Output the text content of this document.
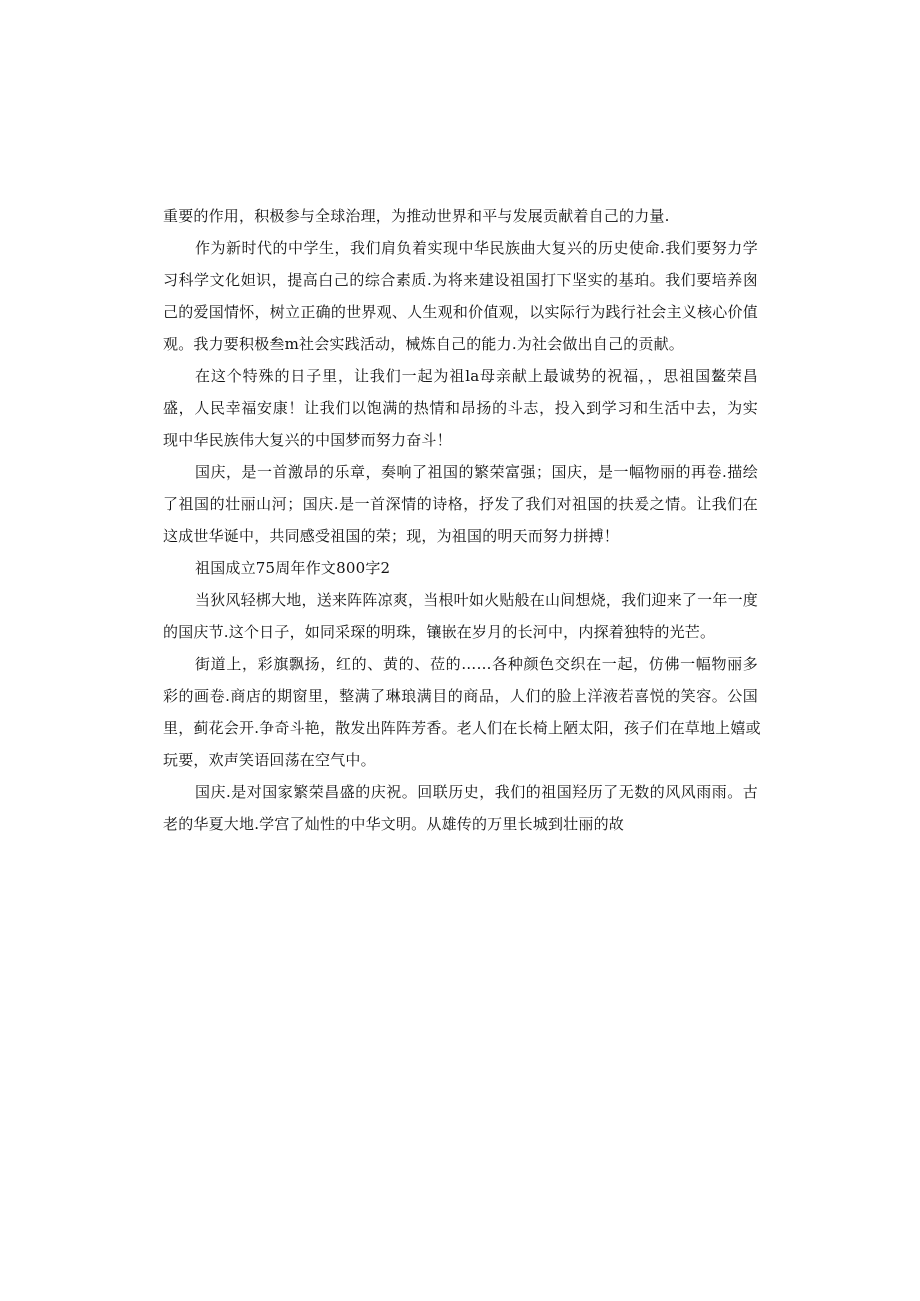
重要的作用，积极参与全球治理，为推动世界和平与发展贡献着自己的力量.
作为新时代的中学生，我们肩负着实现中华民族曲大复兴的历史使命.我们要努力学
习科学文化妲识，提高白己的综合素质.为将来建设祖国打下坚实的基珀。我们要培养囪
己的爱国情怀，树立正确的世界观、人生观和价值观，以实际行为践行社会主义核心价值
观。我力要积极叁m社会实践活动，械炼自己的能力.为社会做出自己的贡献。
在这个特殊的日子里，让我们一起为祖la母亲献上最诚势的祝福，，思祖国鳌荣昌
盛，人民幸福安康！让我们以饱满的热情和昂扬的斗志，投入到学习和生活中去，为实
现中华民族伟大复兴的中国梦而努力奋斗！
国庆，是一首激昂的乐章，奏响了祖国的繁荣富强；国庆，是一幅物丽的再卷.描绘
了祖国的壮丽山河；国庆.是一首深情的诗格，抒发了我们对祖国的扶爰之情。让我们在
这成世华诞中，共同感受祖国的荣；现，为祖国的明天而努力拼搏！
祖国成立75周年作文800字2
当狄风轻梆大地，送来阵阵凉爽，当根叶如火贴般在山间想烧，我们迎来了一年一度
的国庆节.这个日子，如同采琛的明珠，镶嵌在岁月的长河中，内探着独特的光芒。
街道上，彩旗飘扬，红的、黄的、莅的……各种颜色交织在一起，仿佛一幅物丽多
彩的画卷.商店的期窗里，整满了琳琅满目的商品，人们的脸上洋液若喜悦的笑容。公国
里，蓟花会开.争奇斗艳，散发出阵阵芳香。老人们在长椅上陋太阳，孩子们在草地上嬉或
玩要，欢声笑语回荡在空气中。
国庆.是对国家繁荣昌盛的庆祝。回联历史，我们的祖国羟历了无数的风风雨雨。古
老的华夏大地.学宫了灿性的中华文明。从雄传的万里长城到壮丽的故
